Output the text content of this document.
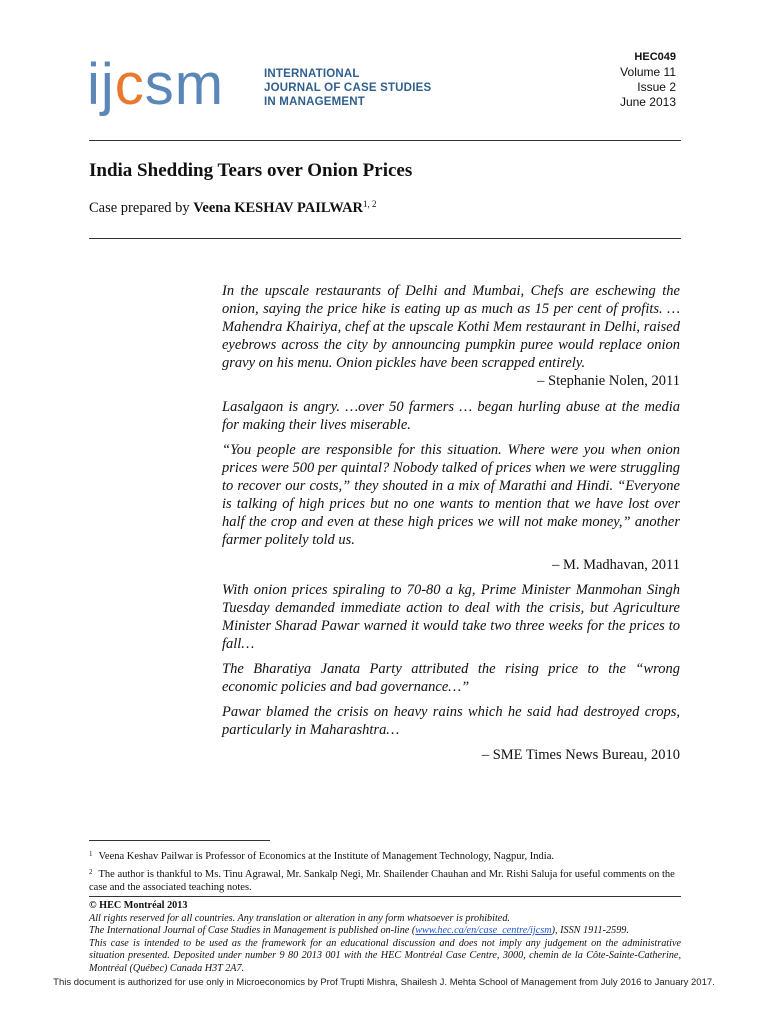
ijcsm	INTERNATIONAL
JOURNAL OF CASE STUDIES
IN MANAGEMENT
HEC049
Volume 11
Issue 2
June 2013
India Shedding Tears over Onion Prices
Case prepared by Veena KESHAV PAILWAR$^{1, 2}$

In the upscale restaurants of Delhi and Mumbai, Chefs are eschewing the onion, saying the price hike is eating up as much as 15 per cent of profits. … Mahendra Khairiya, chef at the upscale Kothi Mem restaurant in Delhi, raised eyebrows across the city by announcing pumpkin puree would replace onion gravy on his menu. Onion pickles have been scrapped entirely.

– Stephanie Nolen, 2011

Lasalgaon is angry. …over 50 farmers … began hurling abuse at the media for making their lives miserable.

“You people are responsible for this situation. Where were you when onion prices were 500 per quintal? Nobody talked of prices when we were struggling to recover our costs,” they shouted in a mix of Marathi and Hindi. “Everyone is talking of high prices but no one wants to mention that we have lost over half the crop and even at these high prices we will not make money,” another farmer politely told us.

– M. Madhavan, 2011

With onion prices spiraling to 70-80 a kg, Prime Minister Manmohan Singh Tuesday demanded immediate action to deal with the crisis, but Agriculture Minister Sharad Pawar warned it would take two three weeks for the prices to fall…

The Bharatiya Janata Party attributed the rising price to the “wrong economic policies and bad governance…”

Pawar blamed the crisis on heavy rains which he said had destroyed crops, particularly in Maharashtra…

– SME Times News Bureau, 2010

$^1$ Veena Keshav Pailwar is Professor of Economics at the Institute of Management Technology, Nagpur, India.
$^2$ The author is thankful to Ms. Tinu Agrawal, Mr. Sankalp Negi, Mr. Shailender Chauhan and Mr. Rishi Saluja for useful comments on the case and the associated teaching notes.
© HEC Montréal 2013
All rights reserved for all countries. Any translation or alteration in any form whatsoever is prohibited.
The International Journal of Case Studies in Management is published on-line (www.hec.ca/en/case_centre/ijcsm), ISSN 1911-2599.
This case is intended to be used as the framework for an educational discussion and does not imply any judgement on the administrative situation presented. Deposited under number 9 80 2013 001 with the HEC Montréal Case Centre, 3000, chemin de la Côte-Sainte-Catherine, Montréal (Québec) Canada H3T 2A7.
This document is authorized for use only in Microeconomics by Prof Trupti Mishra, Shailesh J. Mehta School of Management from July 2016 to January 2017.
